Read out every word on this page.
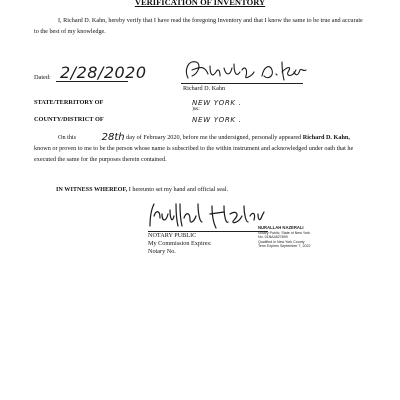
VERIFICATION OF INVENTORY
I, Richard D. Kahn, hereby verify that I have read the foregoing Inventory and that I know the same to be true and accurate to the best of my knowledge.
Dated: 2/28/2020
Richard D. Kahn
STATE/TERRITORY OF	NEW YORK .
)ss:
COUNTY/DISTRICT OF	NEW YORK .
On this	28th day of February 2020, before me the undersigned, personally appeared Richard D. Kahn, known or proven to me to be the person whose name is subscribed to the within instrument and acknowledged under oath that he executed the same for the purposes therein contained.
IN WITNESS WHEREOF, I hereunto set my hand and official seal.
NOTARY PUBLIC
My Commission Expires:
Notary No.
NURALLAH NAZERALI
Notary Public, State of New York
No. 01NA4827899
Qualified in New York County
Term Expires September 7, 2022
